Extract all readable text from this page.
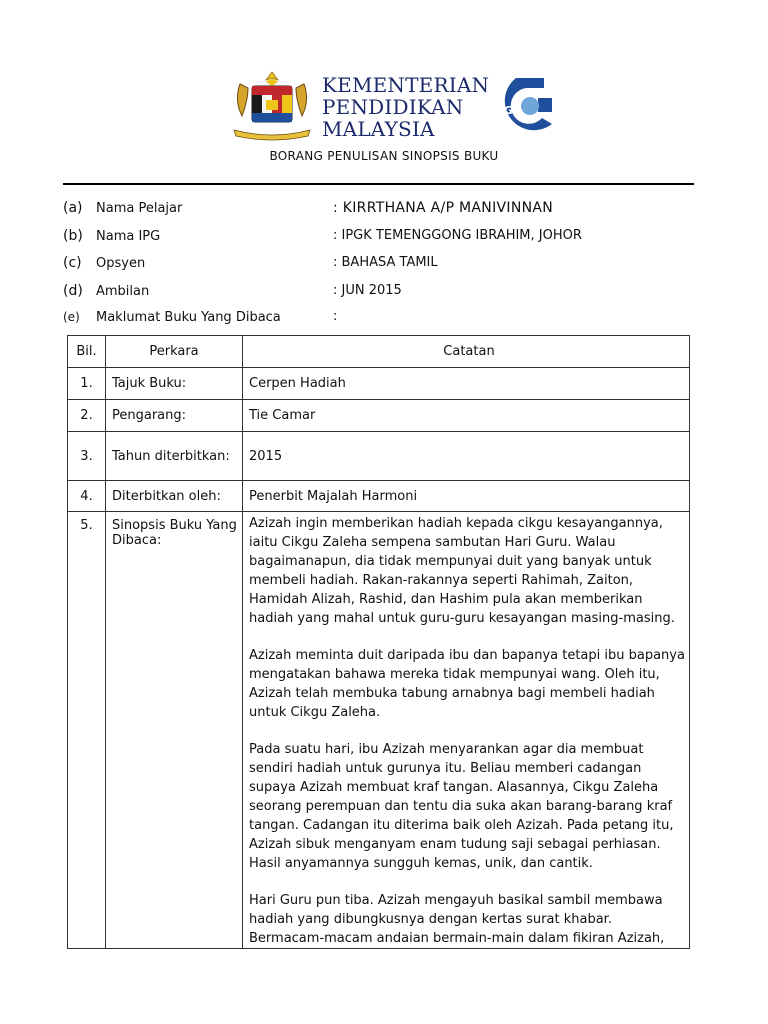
KEMENTERIAN
PENDIDIKAN
MALAYSIA
iPG
BORANG PENULISAN SINOPSIS BUKU
(a) Nama Pelajar	: KIRRTHANA A/P MANIVINNAN
(b) Nama IPG	: IPGK TEMENGGONG IBRAHIM, JOHOR
(c) Opsyen	: BAHASA TAMIL
(d) Ambilan	: JUN 2015
(e) Maklumat Buku Yang Dibaca	:
Bil.	Perkara	Catatan
1.	Tajuk Buku:	Cerpen Hadiah
2.	Pengarang:	Tie Camar
3.	Tahun diterbitkan:	2015
4.	Diterbitkan oleh:	Penerbit Majalah Harmoni
5.	Sinopsis Buku Yang Dibaca:	Azizah ingin memberikan hadiah kepada cikgu kesayangannya, iaitu Cikgu Zaleha sempena sambutan Hari Guru. Walau bagaimanapun, dia tidak mempunyai duit yang banyak untuk membeli hadiah. Rakan-rakannya seperti Rahimah, Zaiton, Hamidah Alizah, Rashid, dan Hashim pula akan memberikan hadiah yang mahal untuk guru-guru kesayangan masing-masing.

Azizah meminta duit daripada ibu dan bapanya tetapi ibu bapanya mengatakan bahawa mereka tidak mempunyai wang. Oleh itu, Azizah telah membuka tabung arnabnya bagi membeli hadiah untuk Cikgu Zaleha.

Pada suatu hari, ibu Azizah menyarankan agar dia membuat sendiri hadiah untuk gurunya itu. Beliau memberi cadangan supaya Azizah membuat kraf tangan. Alasannya, Cikgu Zaleha seorang perempuan dan tentu dia suka akan barang-barang kraf tangan. Cadangan itu diterima baik oleh Azizah. Pada petang itu, Azizah sibuk menganyam enam tudung saji sebagai perhiasan. Hasil anyamannya sungguh kemas, unik, dan cantik.

Hari Guru pun tiba. Azizah mengayuh basikal sambil membawa hadiah yang dibungkusnya dengan kertas surat khabar. Bermacam-macam andaian bermain-main dalam fikiran Azizah,
